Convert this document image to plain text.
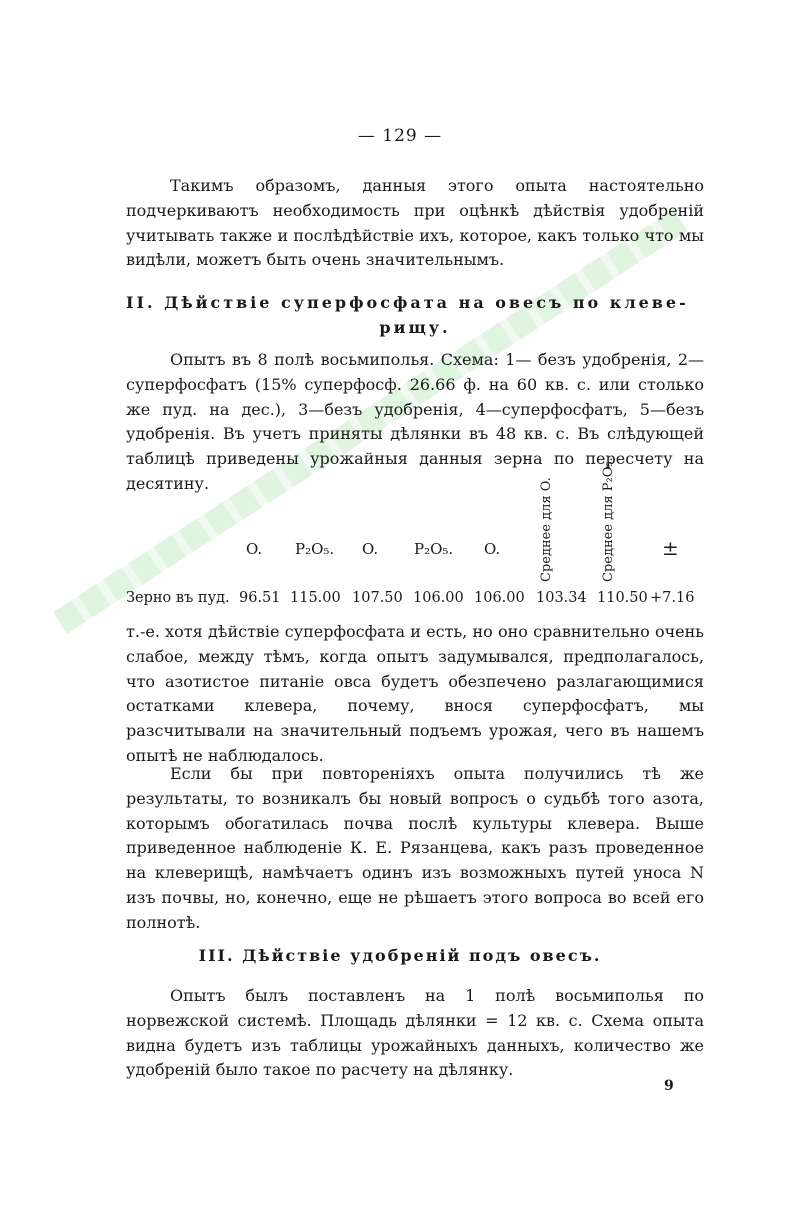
— 129 —

Такимъ образомъ, данныя этого опыта настоятельно подчеркиваютъ необходимость при оцѣнкѣ дѣйствія удобреній учитывать также и послѣдѣйствіе ихъ, которое, какъ только что мы видѣли, можетъ быть очень значительнымъ.

II. Дѣйствіе суперфосфата на овесъ по клеве-
рищу.

Опытъ въ 8 полѣ восьмиполья. Схема: 1— безъ удобренія, 2—суперфосфатъ (15% суперфосф. 26.66 ф. на 60 кв. с. или столько же пуд. на дес.), 3—безъ удобренія, 4—суперфосфатъ, 5—безъ удобренія. Въ учетъ приняты дѣлянки въ 48 кв. с. Въ слѣдующей таблицѣ приведены урожайныя данныя зерна по пересчету на десятину.

O. P₂O₅. O. P₂O₅. O.	Среднее для O.	Среднее для P₂O₅. ±
Зерно въ пуд. 96.51 115.00 107.50 106.00 106.00 103.34 110.50 +7.16

т.-е. хотя дѣйствіе суперфосфата и есть, но оно сравнительно очень слабое, между тѣмъ, когда опытъ задумывался, предполагалось, что азотистое питаніе овса будетъ обезпечено разлагающимися остатками клевера, почему, внося суперфосфатъ, мы разсчитывали на значительный подъемъ урожая, чего въ нашемъ опытѣ не наблюдалось.

Если бы при повтореніяхъ опыта получились тѣ же результаты, то возникалъ бы новый вопросъ о судьбѣ того азота, которымъ обогатилась почва послѣ культуры клевера. Выше приведенное наблюденіе К. Е. Рязанцева, какъ разъ проведенное на клеверищѣ, намѣчаетъ одинъ изъ возможныхъ путей уноса N изъ почвы, но, конечно, еще не рѣшаетъ этого вопроса во всей его полнотѣ.

III. Дѣйствіе удобреній подъ овесъ.

Опытъ былъ поставленъ на 1 полѣ восьмиполья по норвежской системѣ. Площадь дѣлянки = 12 кв. с. Схема опыта видна будетъ изъ таблицы урожайныхъ данныхъ, количество же удобреній было такое по расчету на дѣлянку.

9
